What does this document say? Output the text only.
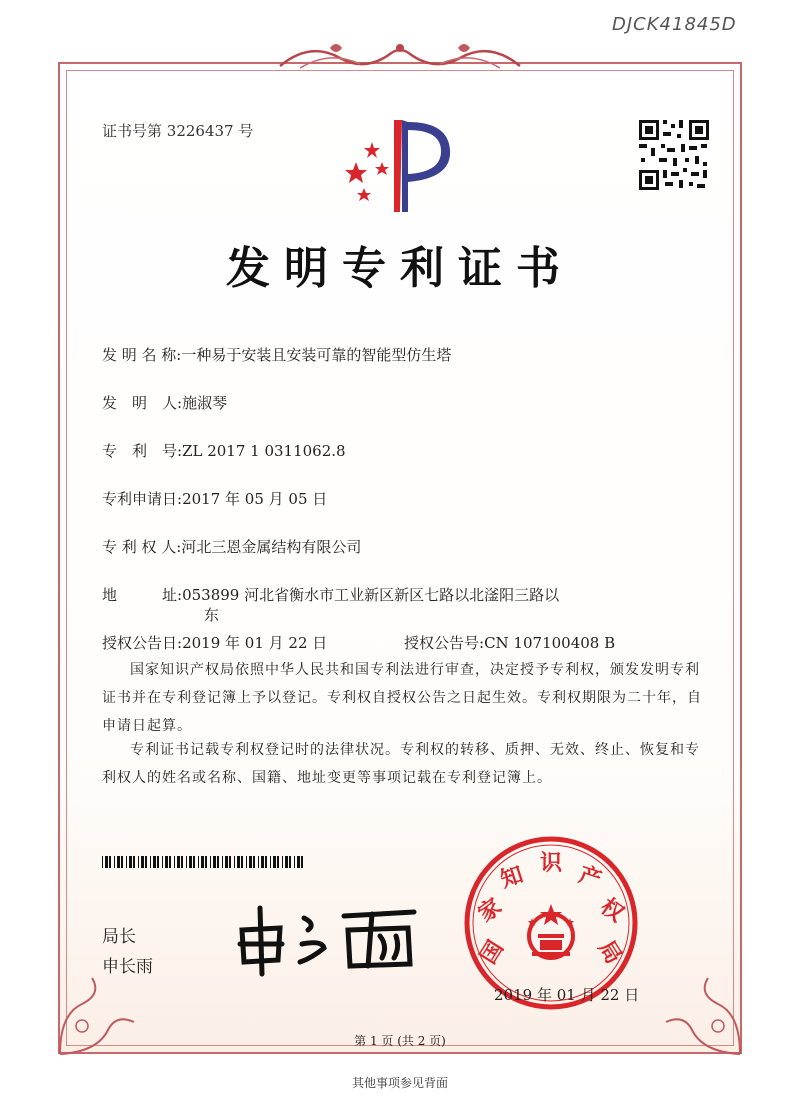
DJCK41845D
证书号第 3226437 号
发明专利证书
发 明 名 称:一种易于安装且安装可靠的智能型仿生塔
发　明　人:施淑琴
专　利　号:ZL 2017 1 0311062.8
专利申请日:2017 年 05 月 05 日
专 利 权 人:河北三恩金属结构有限公司
地　　　址:053899 河北省衡水市工业新区新区七路以北滏阳三路以
东
授权公告日:2019 年 01 月 22 日	授权公告号:CN 107100408 B
国家知识产权局依照中华人民共和国专利法进行审查，决定授予专利权，颁发发明专利证书并在专利登记簿上予以登记。专利权自授权公告之日起生效。专利权期限为二十年，自申请日起算。
专利证书记载专利权登记时的法律状况。专利权的转移、质押、无效、终止、恢复和专利权人的姓名或名称、国籍、地址变更等事项记载在专利登记簿上。
局长
申长雨	国
家
知 识 产
权
局
2019 年 01 月 22 日
第 1 页 (共 2 页)
其他事项参见背面
